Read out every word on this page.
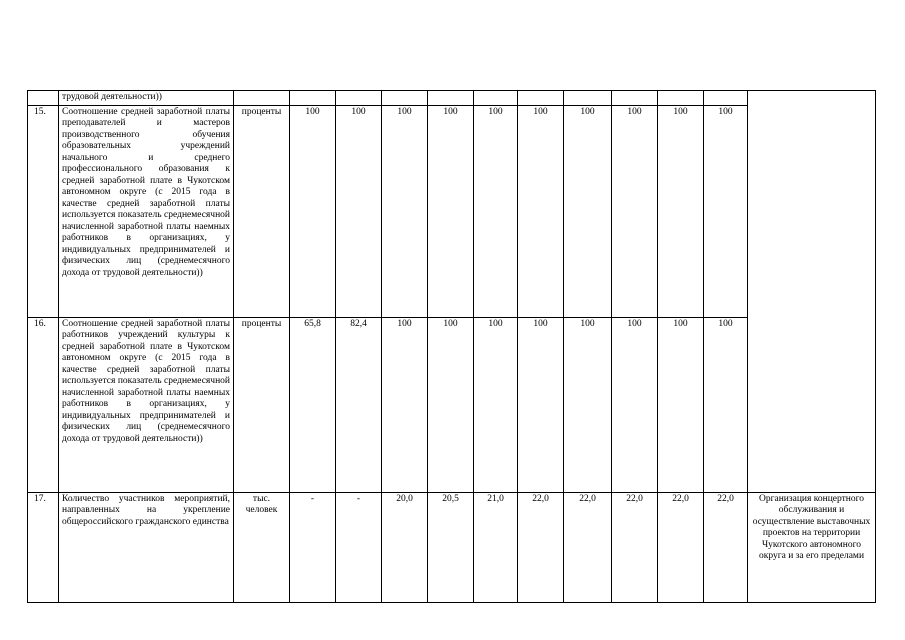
	трудовой деятельности))												
15.	Соотношение средней заработной платы преподавателей и мастеров производственного обучения образовательных учреждений начального и среднего профессионального образования к средней заработной плате в Чукотском автономном округе (с 2015 года в качестве средней заработной платы используется показатель среднемесячной начисленной заработной платы наемных работников в организациях, у индивидуальных предпринимателей и физических лиц (среднемесячного дохода от трудовой деятельности))	проценты	100	100	100	100	100	100	100	100	100	100	
16.	Соотношение средней заработной платы работников учреждений культуры к средней заработной плате в Чукотском автономном округе (с 2015 года в качестве средней заработной платы используется показатель среднемесячной начисленной заработной платы наемных работников в организациях, у индивидуальных предпринимателей и физических лиц (среднемесячного дохода от трудовой деятельности))	проценты	65,8	82,4	100	100	100	100	100	100	100	100	
17.	Количество участников мероприятий, направленных на укрепление общероссийского гражданского единства	тыс. человек	-	-	20,0	20,5	21,0	22,0	22,0	22,0	22,0	22,0	Организация концертного обслуживания и осуществление выставочных проектов на территории Чукотского автономного округа и за его пределами
